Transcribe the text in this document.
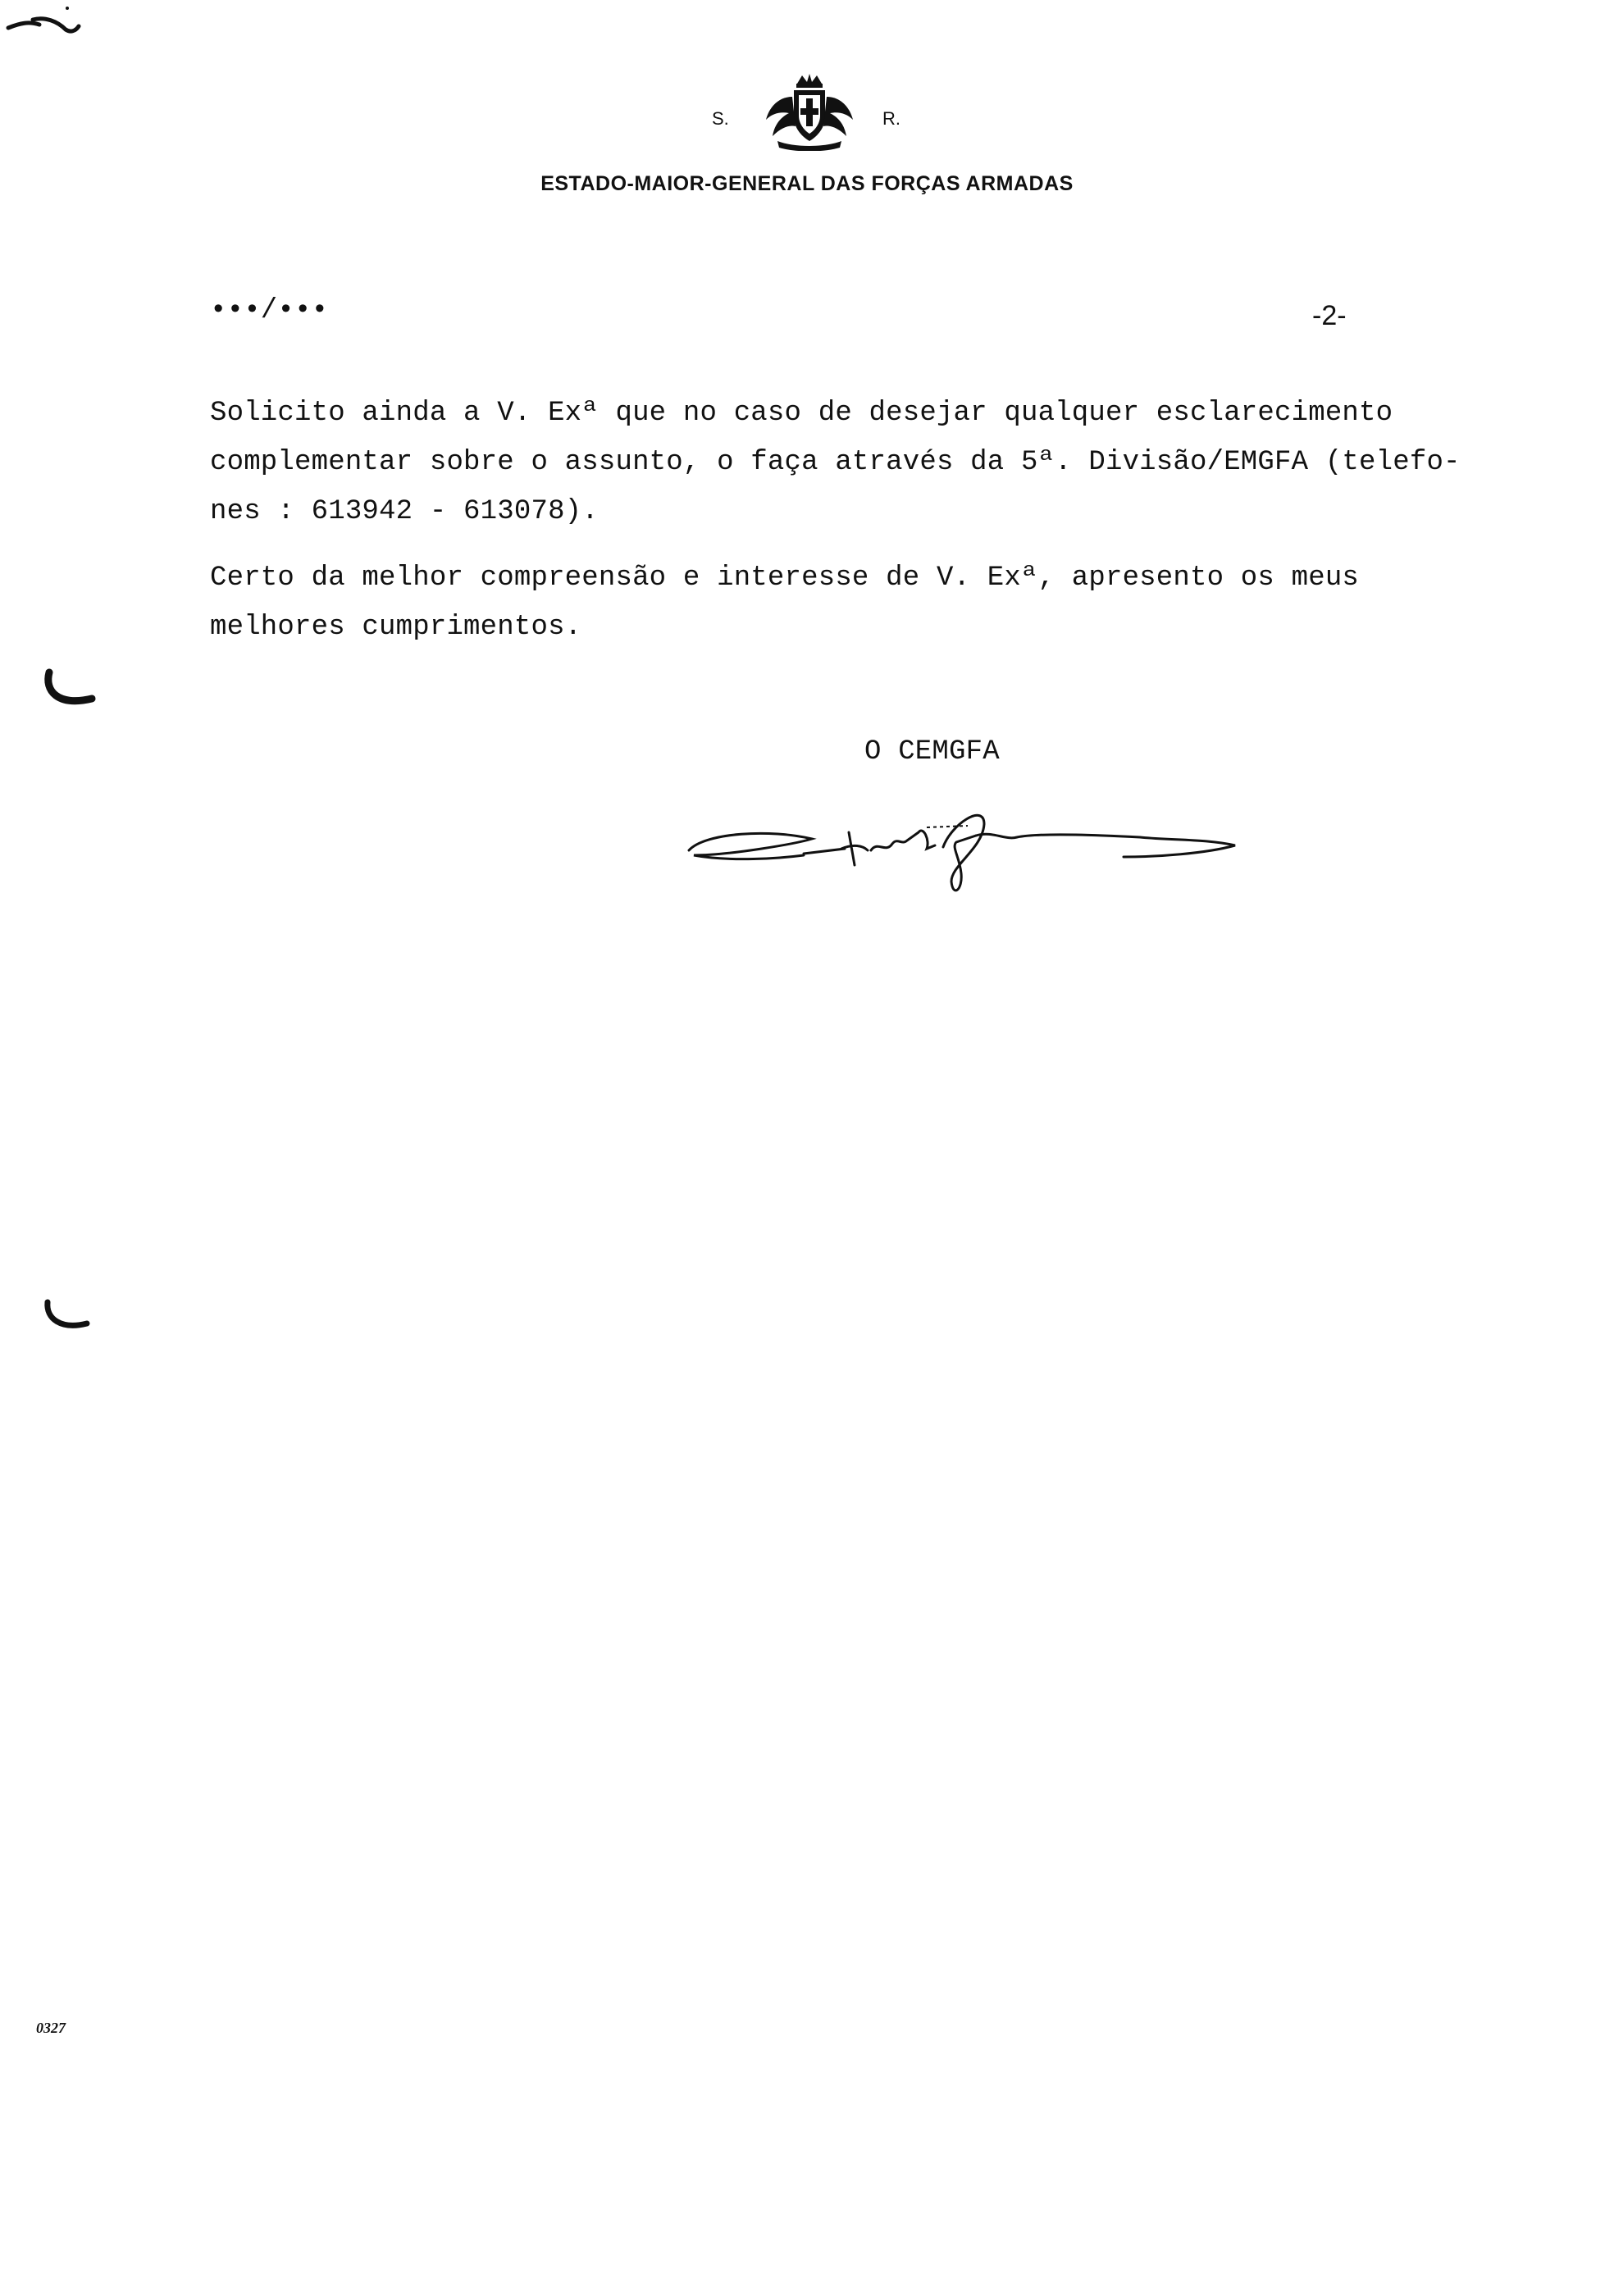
S.	R.
ESTADO-MAIOR-GENERAL DAS FORÇAS ARMADAS
•••/•••	-2-
Solicito ainda a V. Exª que no caso de desejar qualquer esclarecimento
complementar sobre o assunto, o faça através da 5ª. Divisão/EMGFA (telefo-
nes : 613942 - 613078).
Certo da melhor compreensão e interesse de V. Exª, apresento os meus
melhores cumprimentos.
O CEMGFA
0327
